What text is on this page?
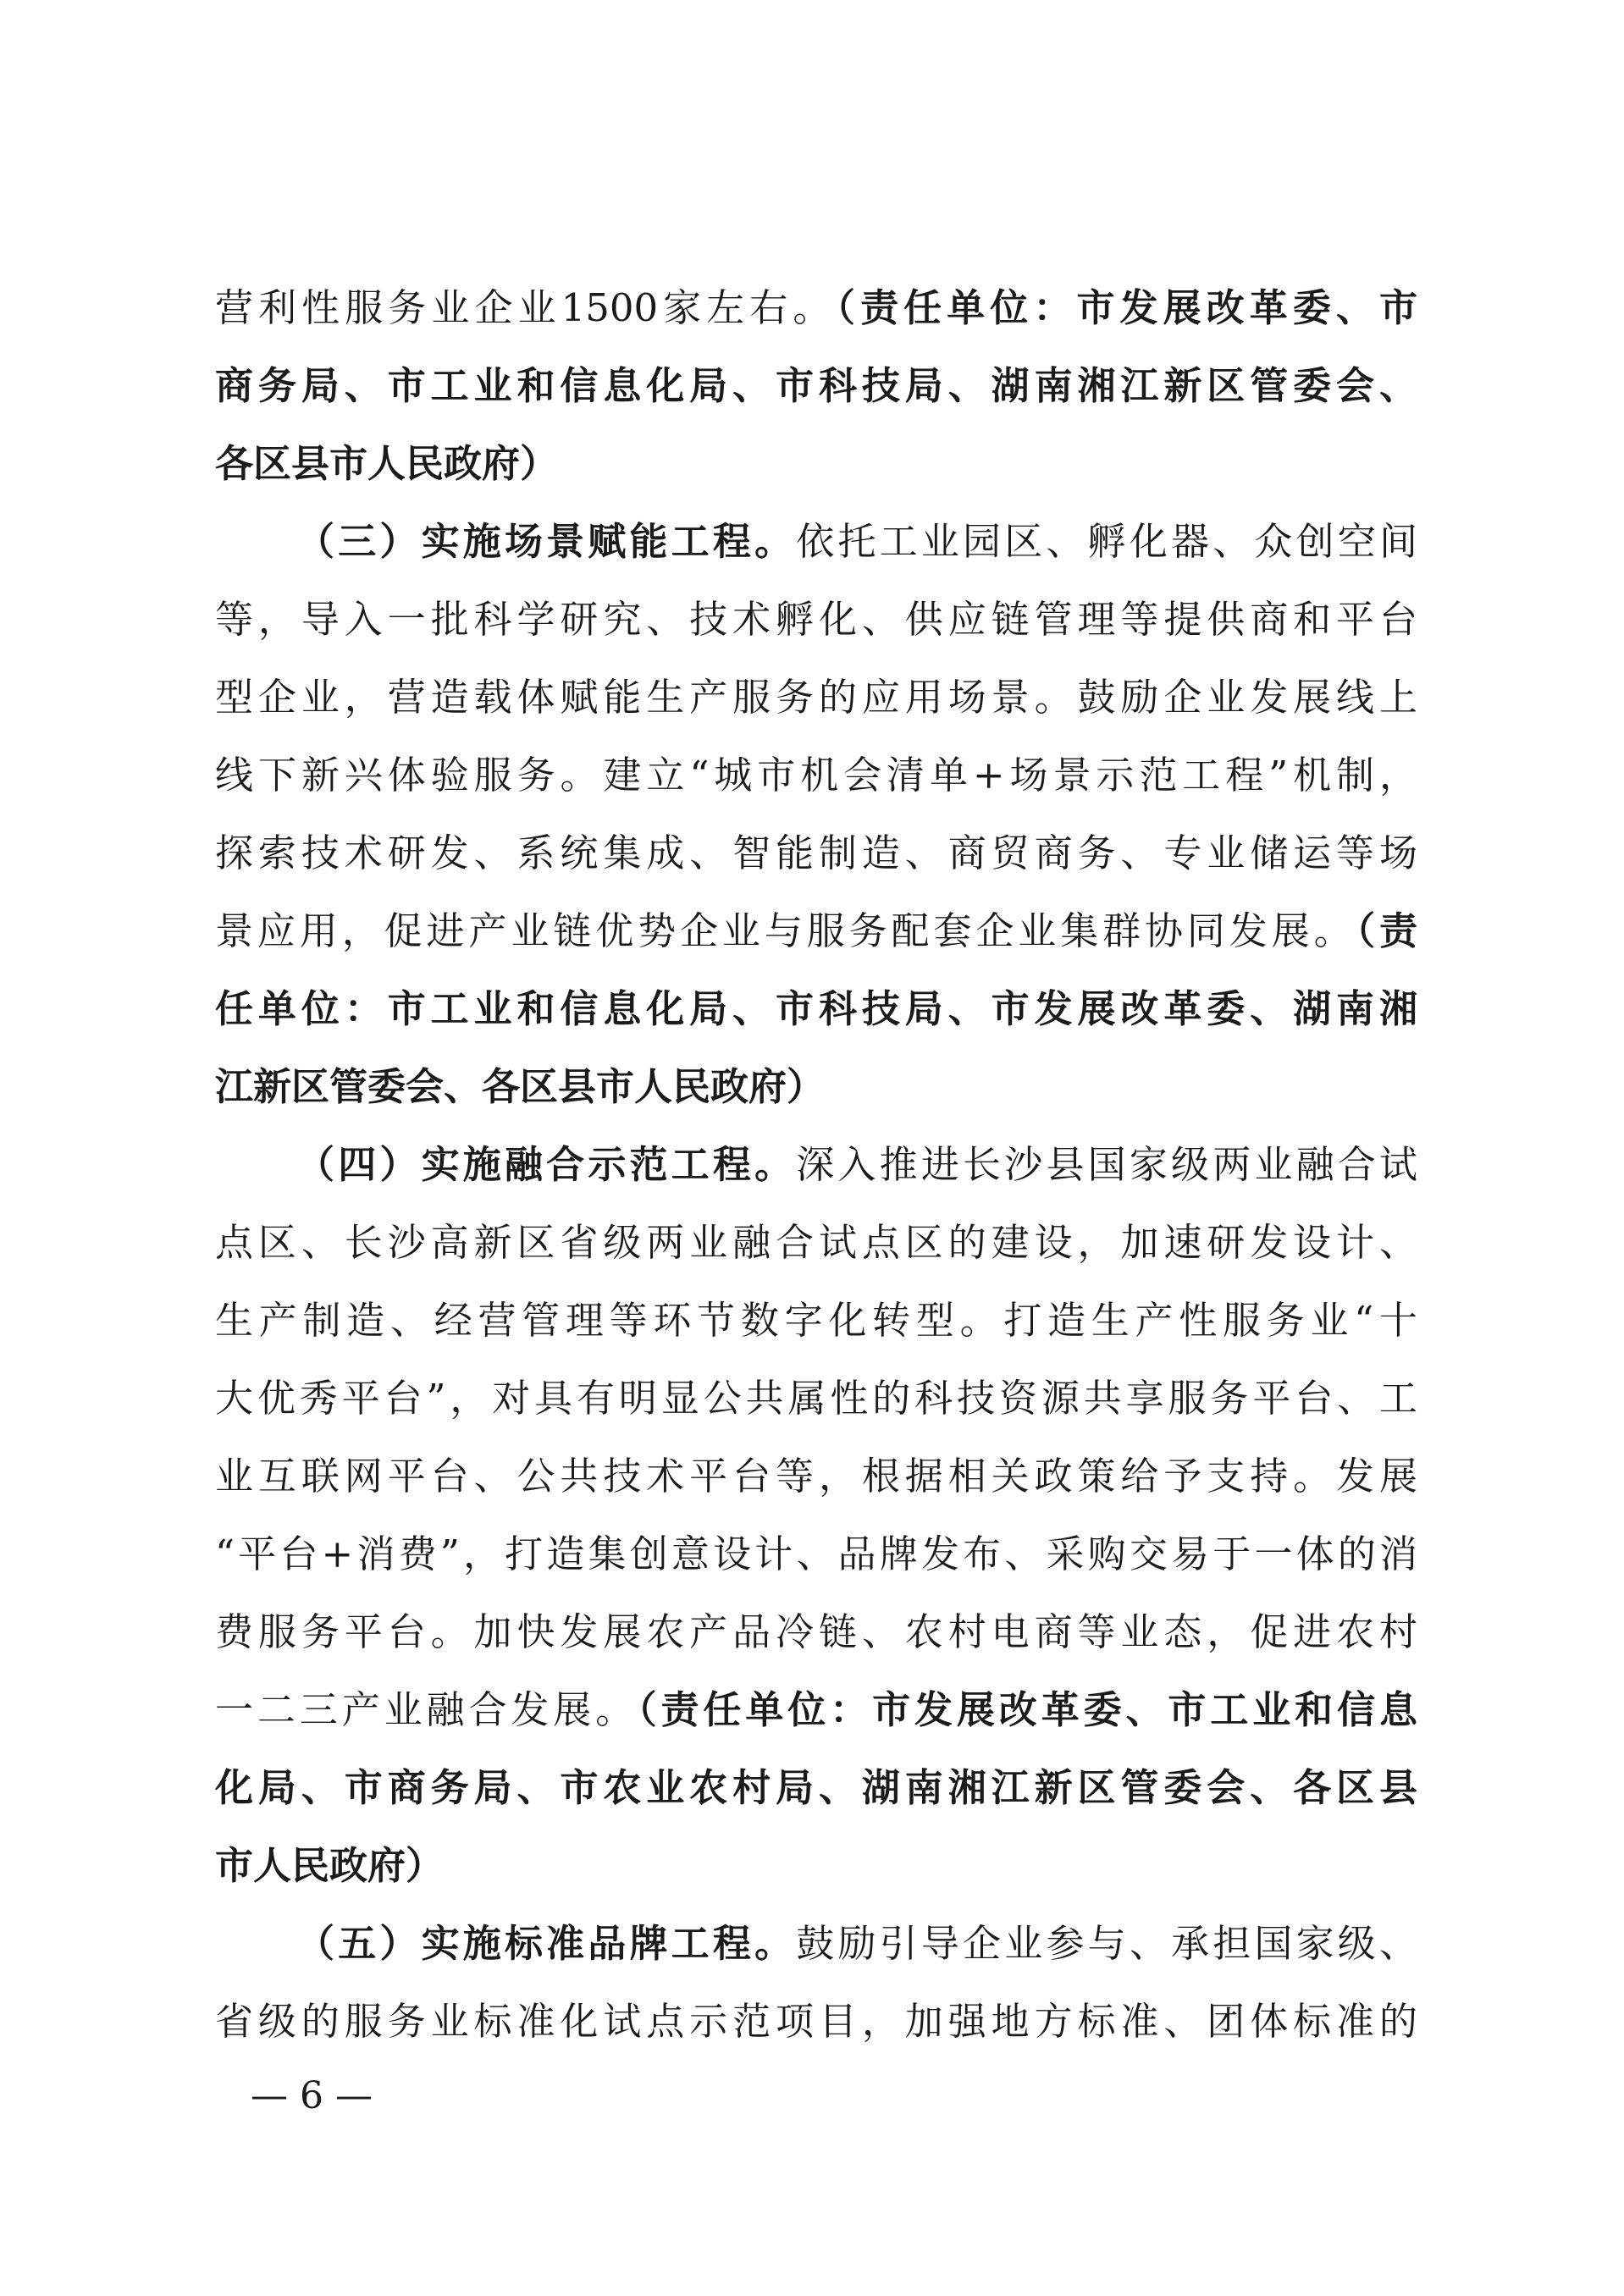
营利性服务业企业1500家左右。（责任单位：市发展改革委、市
商务局、市工业和信息化局、市科技局、湖南湘江新区管委会、
各区县市人民政府）
（三）实施场景赋能工程。依托工业园区、孵化器、众创空间
等，导入一批科学研究、技术孵化、供应链管理等提供商和平台
型企业，营造载体赋能生产服务的应用场景。鼓励企业发展线上
线下新兴体验服务。建立“城市机会清单+场景示范工程”机制，
探索技术研发、系统集成、智能制造、商贸商务、专业储运等场
景应用，促进产业链优势企业与服务配套企业集群协同发展。（责
任单位：市工业和信息化局、市科技局、市发展改革委、湖南湘
江新区管委会、各区县市人民政府）
（四）实施融合示范工程。深入推进长沙县国家级两业融合试
点区、长沙高新区省级两业融合试点区的建设，加速研发设计、
生产制造、经营管理等环节数字化转型。打造生产性服务业“十
大优秀平台”，对具有明显公共属性的科技资源共享服务平台、工
业互联网平台、公共技术平台等，根据相关政策给予支持。发展
“平台+消费”，打造集创意设计、品牌发布、采购交易于一体的消
费服务平台。加快发展农产品冷链、农村电商等业态，促进农村
一二三产业融合发展。（责任单位：市发展改革委、市工业和信息
化局、市商务局、市农业农村局、湖南湘江新区管委会、各区县
市人民政府）
（五）实施标准品牌工程。鼓励引导企业参与、承担国家级、
省级的服务业标准化试点示范项目，加强地方标准、团体标准的
— 6 —
